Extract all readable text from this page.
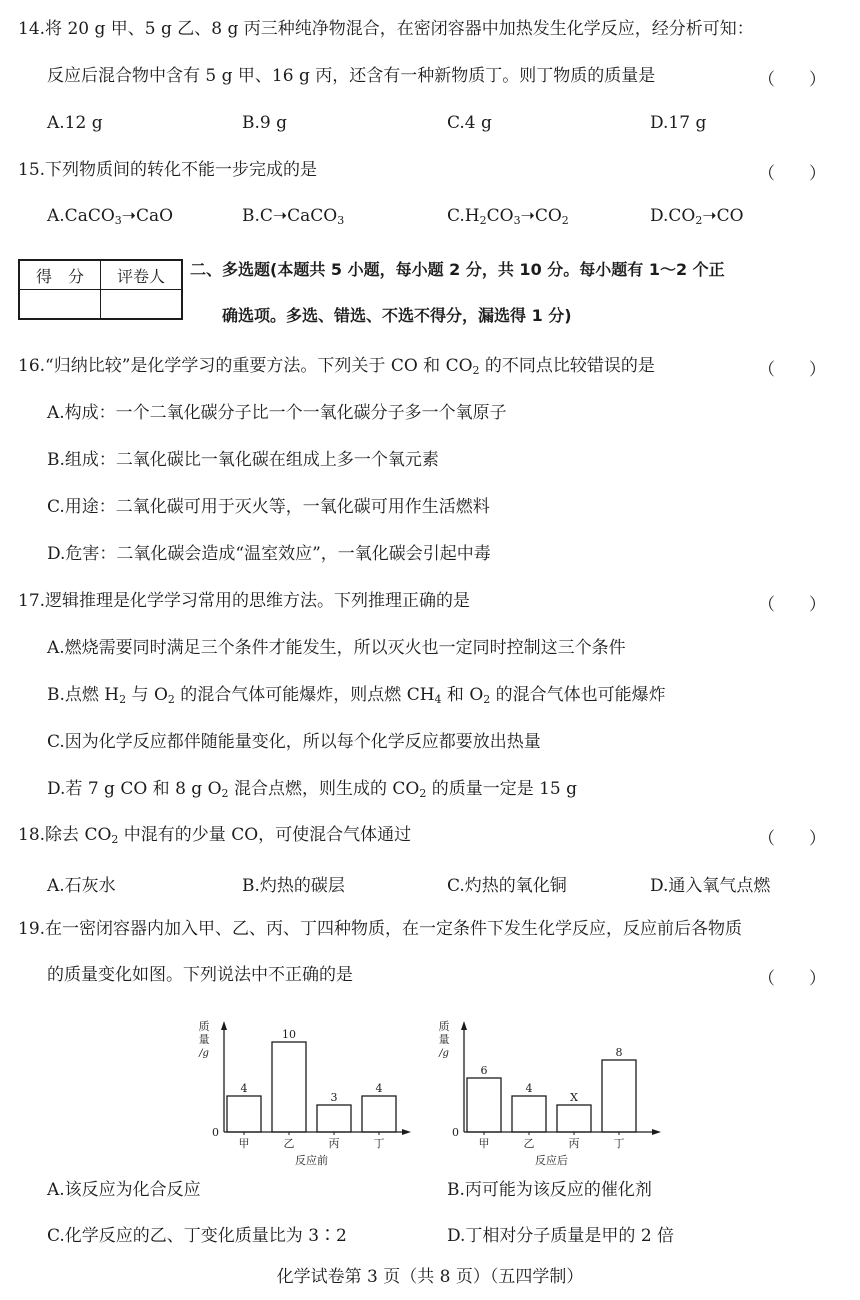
14.将 20 g 甲、5 g 乙、8 g 丙三种纯净物混合，在密闭容器中加热发生化学反应，经分析可知：
反应后混合物中含有 5 g 甲、16 g 丙，还含有一种新物质丁。则丁物质的质量是	（　　）
A.12 g	B.9 g	C.4 g	D.17 g
15.下列物质间的转化不能一步完成的是	（　　）
A.CaCO$_3$➝CaO	B.C➝CaCO$_3$	$C.H_2CO_3➝CO_2$	$D.CO_2➝CO$
得　分	评卷人
	二、多选题(本题共 5 小题，每小题 2 分，共 10 分。每小题有 1～2 个正
确选项。多选、错选、不选不得分，漏选得 1 分)
16.“归纳比较”是化学学习的重要方法。下列关于 CO 和 $CO_2$ 的不同点比较错误的是	（　　）
A.构成：一个二氧化碳分子比一个一氧化碳分子多一个氧原子
B.组成：二氧化碳比一氧化碳在组成上多一个氧元素
C.用途：二氧化碳可用于灭火等，一氧化碳可用作生活燃料
D.危害：二氧化碳会造成“温室效应”，一氧化碳会引起中毒
17.逻辑推理是化学学习常用的思维方法。下列推理正确的是	（　　）
A.燃烧需要同时满足三个条件才能发生，所以灭火也一定同时控制这三个条件
B.点燃 $H_2$ 与 $O_2$ 的混合气体可能爆炸，则点燃 $CH_4$ 和 $O_2$ 的混合气体也可能爆炸
C.因为化学反应都伴随能量变化，所以每个化学反应都要放出热量
D.若 7 g CO 和 8 g $O_2$ 混合点燃，则生成的 $CO_2$ 的质量一定是 15 g
18.除去 $CO_2$ 中混有的少量 CO，可使混合气体通过	（　　）
A.石灰水	B.灼热的碳层	C.灼热的氧化铜	D.通入氧气点燃
19.在一密闭容器内加入甲、乙、丙、丁四种物质，在一定条件下发生化学反应，反应前后各物质
的质量变化如图。下列说法中不正确的是	（　　）
质
量
/g
0
4
甲
10
乙
3
丙
4
丁
反应前
质
量
/g
0
6
甲
4
乙
X
丙
8
丁
反应后
A.该反应为化合反应	B.丙可能为该反应的催化剂
C.化学反应的乙、丁变化质量比为 3∶2	D.丁相对分子质量是甲的 2 倍
化学试卷第 3 页（共 8 页）（五四学制）
